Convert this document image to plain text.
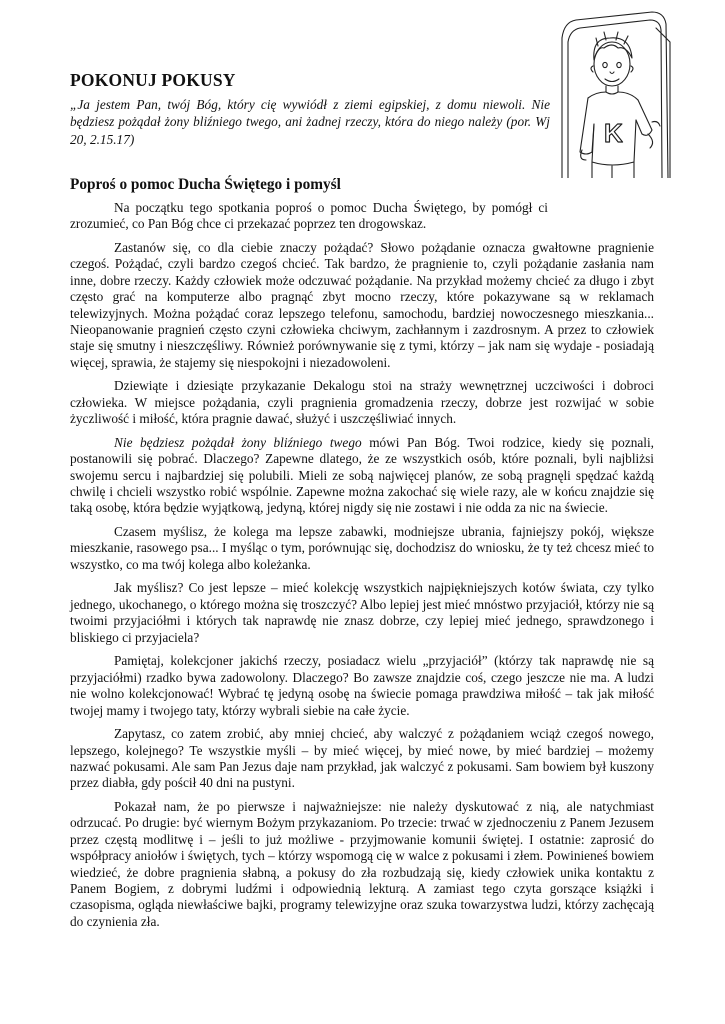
K
POKONUJ POKUSY

„Ja jestem Pan, twój Bóg, który cię wywiódł z ziemi egipskiej, z domu niewoli. Nie będziesz pożądał żony bliźniego twego, ani żadnej rzeczy, która do niego należy (por. Wj 20, 2.15.17)

Poproś o pomoc Ducha Świętego i pomyśl

Na początku tego spotkania poproś o pomoc Ducha Świętego, by pomógł ci zrozumieć, co Pan Bóg chce ci przekazać poprzez ten drogowskaz.

Zastanów się, co dla ciebie znaczy pożądać? Słowo pożądanie oznacza gwałtowne pragnienie czegoś. Pożądać, czyli bardzo czegoś chcieć. Tak bardzo, że pragnienie to, czyli pożądanie zasłania nam inne, dobre rzeczy. Każdy człowiek może odczuwać pożądanie. Na przykład możemy chcieć za długo i zbyt często grać na komputerze albo pragnąć zbyt mocno rzeczy, które pokazywane są w reklamach telewizyjnych. Można pożądać coraz lepszego telefonu, samochodu, bardziej nowoczesnego mieszkania... Nieopanowanie pragnień często czyni człowieka chciwym, zachłannym i zazdrosnym. A przez to człowiek staje się smutny i nieszczęśliwy. Również porównywanie się z tymi, którzy – jak nam się wydaje - posiadają więcej, sprawia, że stajemy się niespokojni i niezadowoleni.

Dziewiąte i dziesiąte przykazanie Dekalogu stoi na straży wewnętrznej uczciwości i dobroci człowieka. W miejsce pożądania, czyli pragnienia gromadzenia rzeczy, dobrze jest rozwijać w sobie życzliwość i miłość, która pragnie dawać, służyć i uszczęśliwiać innych.

Nie będziesz pożądał żony bliźniego twego mówi Pan Bóg. Twoi rodzice, kiedy się poznali, postanowili się pobrać. Dlaczego? Zapewne dlatego, że ze wszystkich osób, które poznali, byli najbliżsi swojemu sercu i najbardziej się polubili. Mieli ze sobą najwięcej planów, ze sobą pragnęli spędzać każdą chwilę i chcieli wszystko robić wspólnie. Zapewne można zakochać się wiele razy, ale w końcu znajdzie się taką osobę, która będzie wyjątkową, jedyną, której nigdy się nie zostawi i nie odda za nic na świecie.

Czasem myślisz, że kolega ma lepsze zabawki, modniejsze ubrania, fajniejszy pokój, większe mieszkanie, rasowego psa... I myśląc o tym, porównując się, dochodzisz do wniosku, że ty też chcesz mieć to wszystko, co ma twój kolega albo koleżanka.

Jak myślisz? Co jest lepsze – mieć kolekcję wszystkich najpiękniejszych kotów świata, czy tylko jednego, ukochanego, o którego można się troszczyć? Albo lepiej jest mieć mnóstwo przyjaciół, którzy nie są twoimi przyjaciółmi i których tak naprawdę nie znasz dobrze, czy lepiej mieć jednego, sprawdzonego i bliskiego ci przyjaciela?

Pamiętaj, kolekcjoner jakichś rzeczy, posiadacz wielu „przyjaciół” (którzy tak naprawdę nie są przyjaciółmi) rzadko bywa zadowolony. Dlaczego? Bo zawsze znajdzie coś, czego jeszcze nie ma. A ludzi nie wolno kolekcjonować! Wybrać tę jedyną osobę na świecie pomaga prawdziwa miłość – tak jak miłość twojej mamy i twojego taty, którzy wybrali siebie na całe życie.

Zapytasz, co zatem zrobić, aby mniej chcieć, aby walczyć z pożądaniem wciąż czegoś nowego, lepszego, kolejnego? Te wszystkie myśli – by mieć więcej, by mieć nowe, by mieć bardziej – możemy nazwać pokusami. Ale sam Pan Jezus daje nam przykład, jak walczyć z pokusami. Sam bowiem był kuszony przez diabła, gdy pościł 40 dni na pustyni.

Pokazał nam, że po pierwsze i najważniejsze: nie należy dyskutować z nią, ale natychmiast odrzucać. Po drugie: być wiernym Bożym przykazaniom. Po trzecie: trwać w zjednoczeniu z Panem Jezusem przez częstą modlitwę i – jeśli to już możliwe - przyjmowanie komunii świętej. I ostatnie: zaprosić do współpracy aniołów i świętych, tych – którzy wspomogą cię w walce z pokusami i złem. Powinieneś bowiem wiedzieć, że dobre pragnienia słabną, a pokusy do zła rozbudzają się, kiedy człowiek unika kontaktu z Panem Bogiem, z dobrymi ludźmi i odpowiednią lekturą. A zamiast tego czyta gorszące książki i czasopisma, ogląda niewłaściwe bajki, programy telewizyjne oraz szuka towarzystwa ludzi, którzy zachęcają do czynienia zła.
